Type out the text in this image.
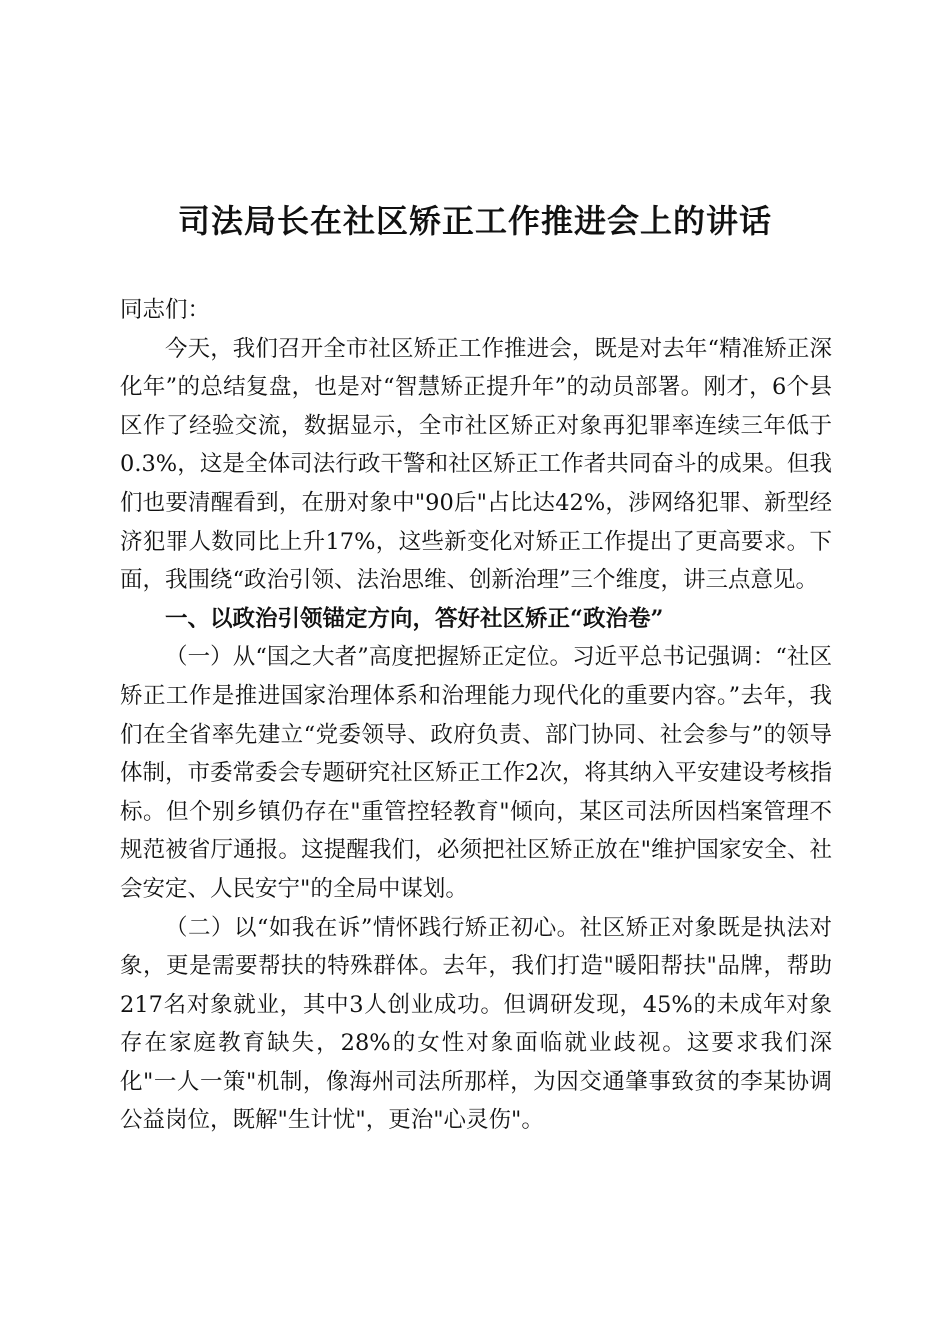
司法局长在社区矫正工作推进会上的讲话

同志们：

今天，我们召开全市社区矫正工作推进会，既是对去年“精准矫正深化年”的总结复盘，也是对“智慧矫正提升年”的动员部署。刚才，6个县区作了经验交流，数据显示，全市社区矫正对象再犯罪率连续三年低于0.3%，这是全体司法行政干警和社区矫正工作者共同奋斗的成果。但我们也要清醒看到，在册对象中"90后"占比达42%，涉网络犯罪、新型经济犯罪人数同比上升17%，这些新变化对矫正工作提出了更高要求。下面，我围绕“政治引领、法治思维、创新治理”三个维度，讲三点意见。

一、以政治引领锚定方向，答好社区矫正“政治卷”

（一）从“国之大者”高度把握矫正定位。习近平总书记强调：“社区矫正工作是推进国家治理体系和治理能力现代化的重要内容。”去年，我们在全省率先建立“党委领导、政府负责、部门协同、社会参与”的领导体制，市委常委会专题研究社区矫正工作2次，将其纳入平安建设考核指标。但个别乡镇仍存在"重管控轻教育"倾向，某区司法所因档案管理不规范被省厅通报。这提醒我们，必须把社区矫正放在"维护国家安全、社会安定、人民安宁"的全局中谋划。

（二）以“如我在诉”情怀践行矫正初心。社区矫正对象既是执法对象，更是需要帮扶的特殊群体。去年，我们打造"暖阳帮扶"品牌，帮助217名对象就业，其中3人创业成功。但调研发现，45%的未成年对象存在家庭教育缺失，28%的女性对象面临就业歧视。这要求我们深化"一人一策"机制，像海州司法所那样，为因交通肇事致贫的李某协调公益岗位，既解"生计忧"，更治"心灵伤"。
